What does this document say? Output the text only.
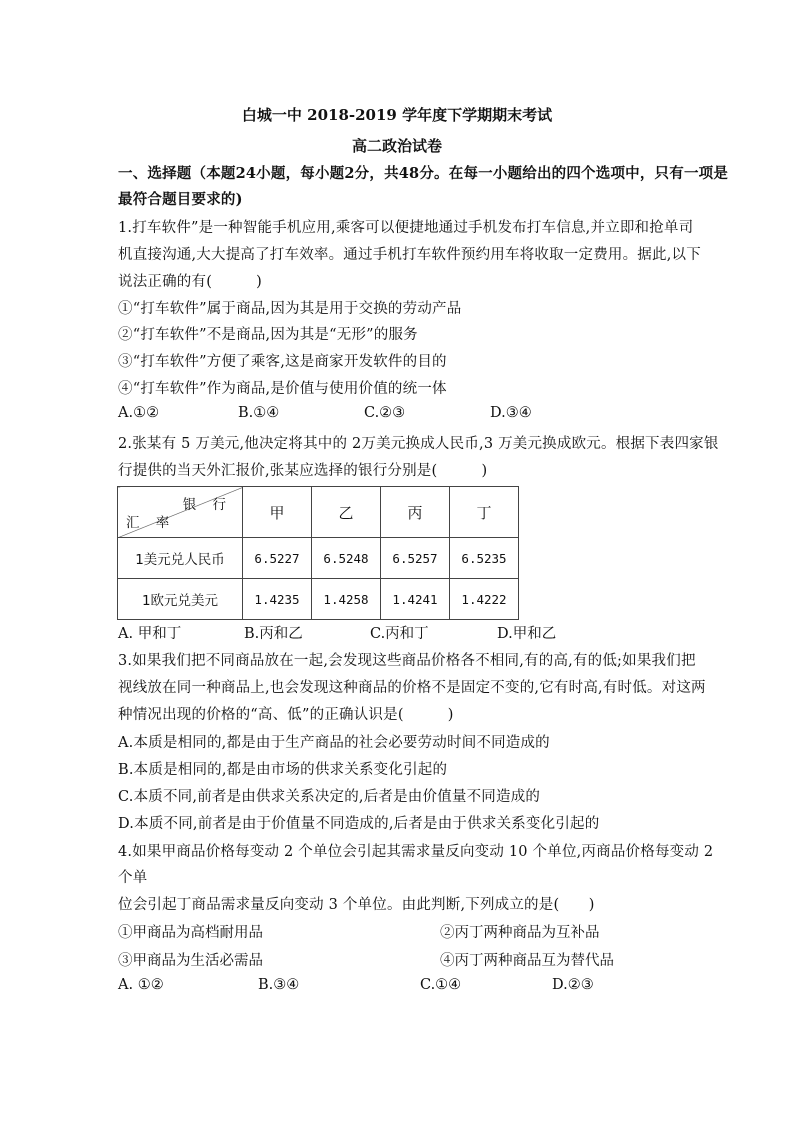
白城一中 2018-2019 学年度下学期期末考试
高二政治试卷
一、选择题（本题24小题，每小题2分，共48分。在每一小题给出的四个选项中，只有一项是
最符合题目要求的)
1.打车软件”是一种智能手机应用,乘客可以便捷地通过手机发布打车信息,并立即和抢单司
机直接沟通,大大提高了打车效率。通过手机打车软件预约用车将收取一定费用。据此,以下
说法正确的有(　　　)
①“打车软件”属于商品,因为其是用于交换的劳动产品
②“打车软件”不是商品,因为其是“无形”的服务
③“打车软件”方便了乘客,这是商家开发软件的目的
④“打车软件”作为商品,是价值与使用价值的统一体
A.①②	B.①④	C.②③	D.③④
2.张某有 5 万美元,他决定将其中的 2万美元换成人民币,3 万美元换成欧元。根据下表四家银
行提供的当天外汇报价,张某应选择的银行分别是(　　　)
银 行
汇 率	甲	乙	丙	丁
1美元兑人民币	6.5227	6.5248	6.5257	6.5235
1欧元兑美元	1.4235	1.4258	1.4241	1.4222
A. 甲和丁	B.丙和乙	C.丙和丁	D.甲和乙
3.如果我们把不同商品放在一起,会发现这些商品价格各不相同,有的高,有的低;如果我们把
视线放在同一种商品上,也会发现这种商品的价格不是固定不变的,它有时高,有时低。对这两
种情况出现的价格的“高、低”的正确认识是(　　　)
A.本质是相同的,都是由于生产商品的社会必要劳动时间不同造成的
B.本质是相同的,都是由市场的供求关系变化引起的
C.本质不同,前者是由供求关系决定的,后者是由价值量不同造成的
D.本质不同,前者是由于价值量不同造成的,后者是由于供求关系变化引起的
4.如果甲商品价格每变动 2 个单位会引起其需求量反向变动 10 个单位,丙商品价格每变动 2
个单
位会引起丁商品需求量反向变动 3 个单位。由此判断,下列成立的是(　　)
①甲商品为高档耐用品	②丙丁两种商品为互补品
③甲商品为生活必需品	④丙丁两种商品互为替代品
A. ①②	B.③④	C.①④	D.②③
